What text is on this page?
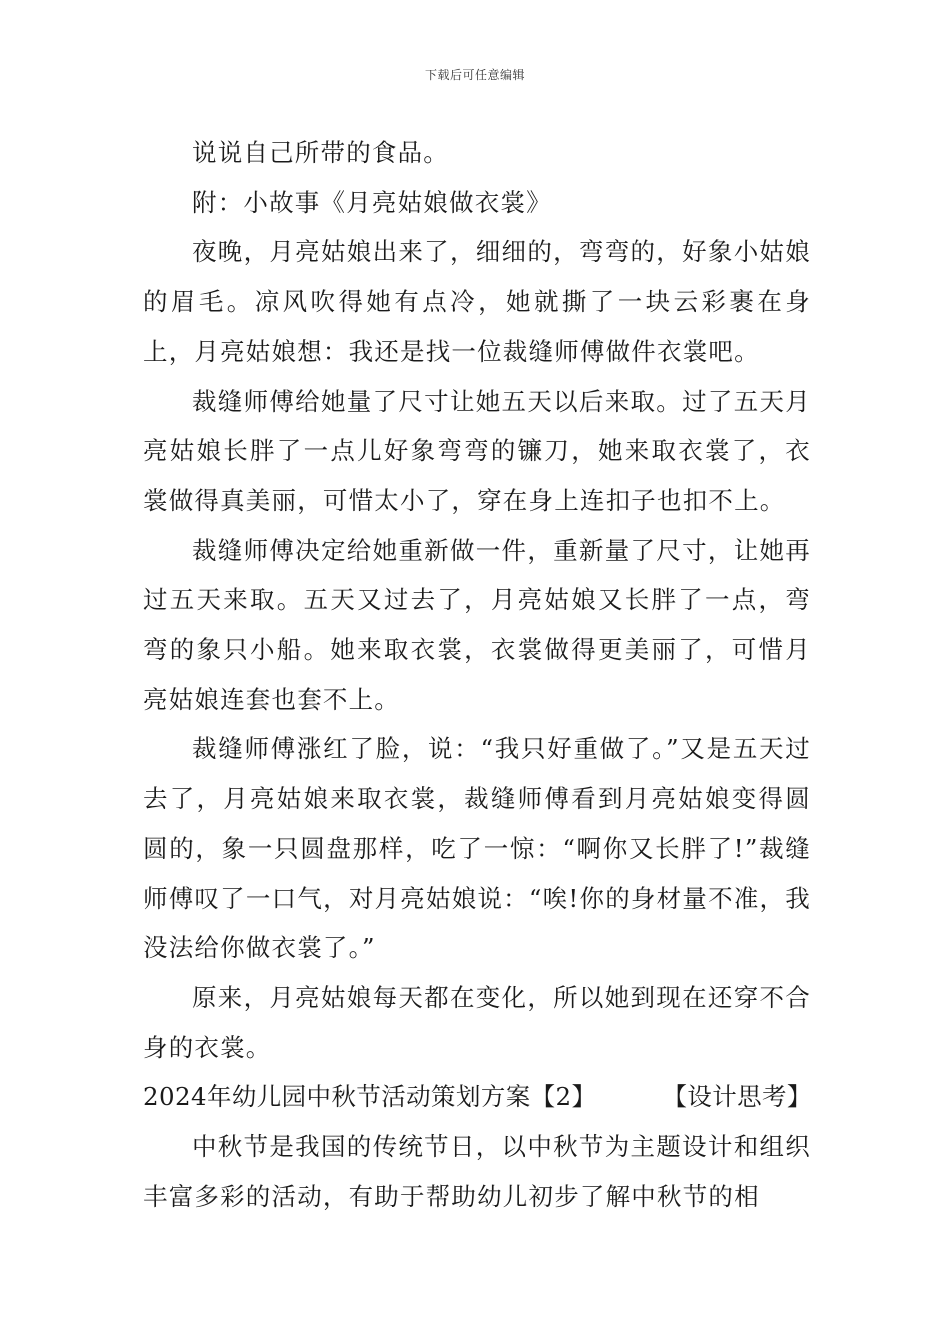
下载后可任意编辑

说说自己所带的食品。

附：小故事《月亮姑娘做衣裳》

夜晚，月亮姑娘出来了，细细的，弯弯的，好象小姑娘的眉毛。凉风吹得她有点冷，她就撕了一块云彩裹在身上，月亮姑娘想：我还是找一位裁缝师傅做件衣裳吧。

裁缝师傅给她量了尺寸让她五天以后来取。过了五天月亮姑娘长胖了一点儿好象弯弯的镰刀，她来取衣裳了，衣裳做得真美丽，可惜太小了，穿在身上连扣子也扣不上。

裁缝师傅决定给她重新做一件，重新量了尺寸，让她再过五天来取。五天又过去了，月亮姑娘又长胖了一点，弯弯的象只小船。她来取衣裳，衣裳做得更美丽了，可惜月亮姑娘连套也套不上。

裁缝师傅涨红了脸，说：“我只好重做了。”又是五天过去了，月亮姑娘来取衣裳，裁缝师傅看到月亮姑娘变得圆圆的，象一只圆盘那样，吃了一惊：“啊你又长胖了!”裁缝师傅叹了一口气，对月亮姑娘说：“唉!你的身材量不准，我没法给你做衣裳了。”

原来，月亮姑娘每天都在变化，所以她到现在还穿不合身的衣裳。

2024年幼儿园中秋节活动策划方案【2】	【设计思考】

中秋节是我国的传统节日，以中秋节为主题设计和组织丰富多彩的活动，有助于帮助幼儿初步了解中秋节的相
